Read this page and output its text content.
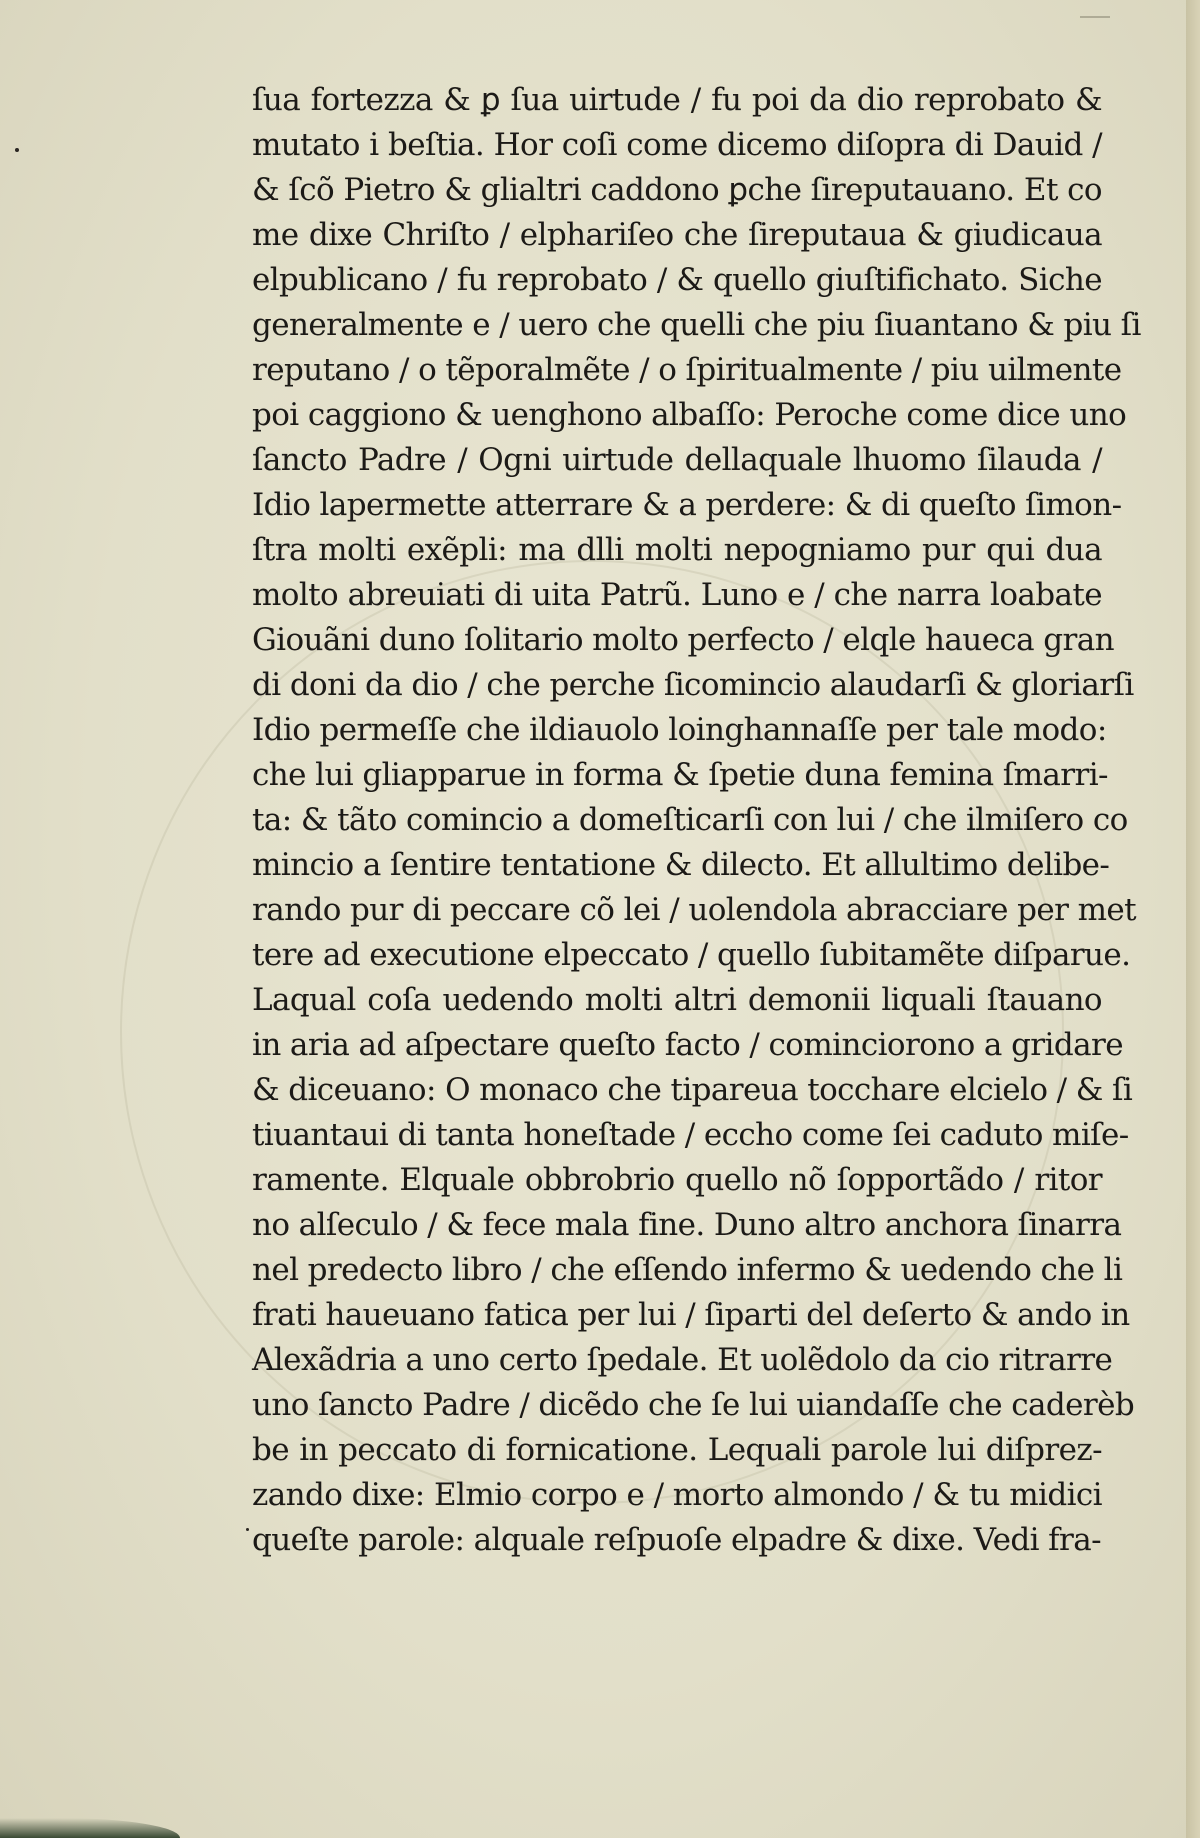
ſua fortezza & ꝑ ſua uirtude / fu poi da dio reprobato &
mutato i beſtia. Hor coſi come dicemo diſopra di Dauid /
& ſcõ Pietro & glialtri caddono ꝑche ſireputauano. Et co
me dixe Chriſto / elphariſeo che ſireputaua & giudicaua
elpublicano / fu reprobato / & quello giuſtifichato. Siche
generalmente e / uero che quelli che piu ſiuantano & piu ſi
reputano / o tẽporalmẽte / o ſpiritualmente / piu uilmente
poi caggiono & uenghono albaſſo: Peroche come dice uno
ſancto Padre / Ogni uirtude dellaquale lhuomo ſilauda /
Idio lapermette atterrare & a perdere: & di queſto ſimon-
ſtra molti exẽpli: ma dlli molti nepogniamo pur qui dua
molto abreuiati di uita Patrũ. Luno e / che narra loabate
Giouãni duno ſolitario molto perfecto / elqle haueca gran
di doni da dio / che perche ſicomincio alaudarſi & gloriarſi
Idio permeſſe che ildiauolo loinghannaſſe per tale modo:
che lui gliapparue in forma & ſpetie duna femina ſmarri-
ta: & tãto comincio a domeſticarſi con lui / che ilmiſero co
mincio a ſentire tentatione & dilecto. Et allultimo delibe-
rando pur di peccare cõ lei / uolendola abracciare per met
tere ad executione elpeccato / quello ſubitamẽte diſparue.
Laqual coſa uedendo molti altri demonii liquali ſtauano
in aria ad aſpectare queſto facto / cominciorono a gridare
& diceuano: O monaco che tipareua tocchare elcielo / & ſi
tiuantaui di tanta honeſtade / eccho come ſei caduto miſe-
ramente. Elquale obbrobrio quello nõ ſopportãdo / ritor
no alſeculo / & fece mala fine. Duno altro anchora ſinarra
nel predecto libro / che eſſendo infermo & uedendo che li
frati haueuano fatica per lui / ſiparti del deſerto & ando in
Alexãdria a uno certo ſpedale. Et uolẽdolo da cio ritrarre
uno ſancto Padre / dicẽdo che ſe lui uiandaſſe che caderèb
be in peccato di fornicatione. Lequali parole lui diſprez-
zando dixe: Elmio corpo e / morto almondo / & tu midici
queſte parole: alquale reſpuoſe elpadre & dixe. Vedi fra-
